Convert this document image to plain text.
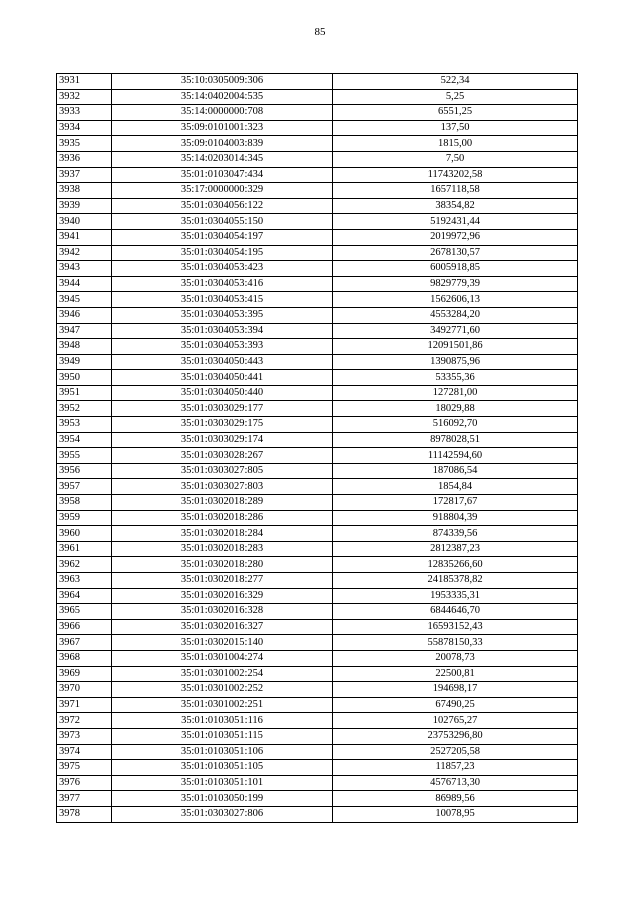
85
3931	35:10:0305009:306	522,34
3932	35:14:0402004:535	5,25
3933	35:14:0000000:708	6551,25
3934	35:09:0101001:323	137,50
3935	35:09:0104003:839	1815,00
3936	35:14:0203014:345	7,50
3937	35:01:0103047:434	11743202,58
3938	35:17:0000000:329	1657118,58
3939	35:01:0304056:122	38354,82
3940	35:01:0304055:150	5192431,44
3941	35:01:0304054:197	2019972,96
3942	35:01:0304054:195	2678130,57
3943	35:01:0304053:423	6005918,85
3944	35:01:0304053:416	9829779,39
3945	35:01:0304053:415	1562606,13
3946	35:01:0304053:395	4553284,20
3947	35:01:0304053:394	3492771,60
3948	35:01:0304053:393	12091501,86
3949	35:01:0304050:443	1390875,96
3950	35:01:0304050:441	53355,36
3951	35:01:0304050:440	127281,00
3952	35:01:0303029:177	18029,88
3953	35:01:0303029:175	516092,70
3954	35:01:0303029:174	8978028,51
3955	35:01:0303028:267	11142594,60
3956	35:01:0303027:805	187086,54
3957	35:01:0303027:803	1854,84
3958	35:01:0302018:289	172817,67
3959	35:01:0302018:286	918804,39
3960	35:01:0302018:284	874339,56
3961	35:01:0302018:283	2812387,23
3962	35:01:0302018:280	12835266,60
3963	35:01:0302018:277	24185378,82
3964	35:01:0302016:329	1953335,31
3965	35:01:0302016:328	6844646,70
3966	35:01:0302016:327	16593152,43
3967	35:01:0302015:140	55878150,33
3968	35:01:0301004:274	20078,73
3969	35:01:0301002:254	22500,81
3970	35:01:0301002:252	194698,17
3971	35:01:0301002:251	67490,25
3972	35:01:0103051:116	102765,27
3973	35:01:0103051:115	23753296,80
3974	35:01:0103051:106	2527205,58
3975	35:01:0103051:105	11857,23
3976	35:01:0103051:101	4576713,30
3977	35:01:0103050:199	86989,56
3978	35:01:0303027:806	10078,95
